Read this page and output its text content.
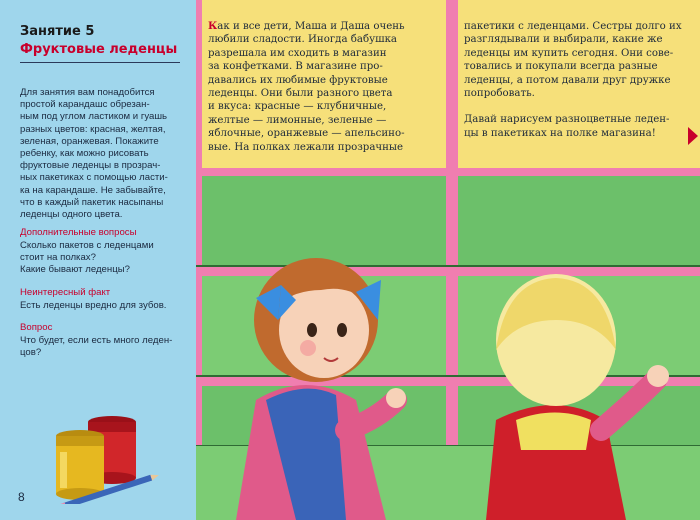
Занятие 5
Фруктовые леденцы
Для занятия вам понадобится
простой карандашс обрезан-
ным под углом ластиком и гуашь
разных цветов: красная, желтая,
зеленая, оранжевая. Покажите
ребенку, как можно рисовать
фруктовые леденцы в прозрач-
ных пакетиках с помощью ласти-
ка на карандаше. Не забывайте,
что в каждый пакетик насыпаны
леденцы одного цвета.
Дополнительные вопросы
Сколько пакетов с леденцами
стоит на полках?
Какие бывают леденцы?
Неинтересный факт
Есть леденцы вредно для зубов.
Вопрос
Что будет, если есть много леден-
цов?
8
Как и все дети, Маша и Даша очень
любили сладости. Иногда бабушка
разрешала им сходить в магазин
за конфетками. В магазине про-
давались их любимые фруктовые
леденцы. Они были разного цвета
и вкуса: красные — клубничные,
желтые — лимонные, зеленые —
яблочные, оранжевые — апельсино-
вые. На полках лежали прозрачные

пакетики с леденцами. Сестры долго их
разглядывали и выбирали, какие же
леденцы им купить сегодня. Они сове-
товались и покупали всегда разные
леденцы, а потом давали друг дружке
попробовать.

Давай нарисуем разноцветные леден-
цы в пакетиках на полке магазина!
